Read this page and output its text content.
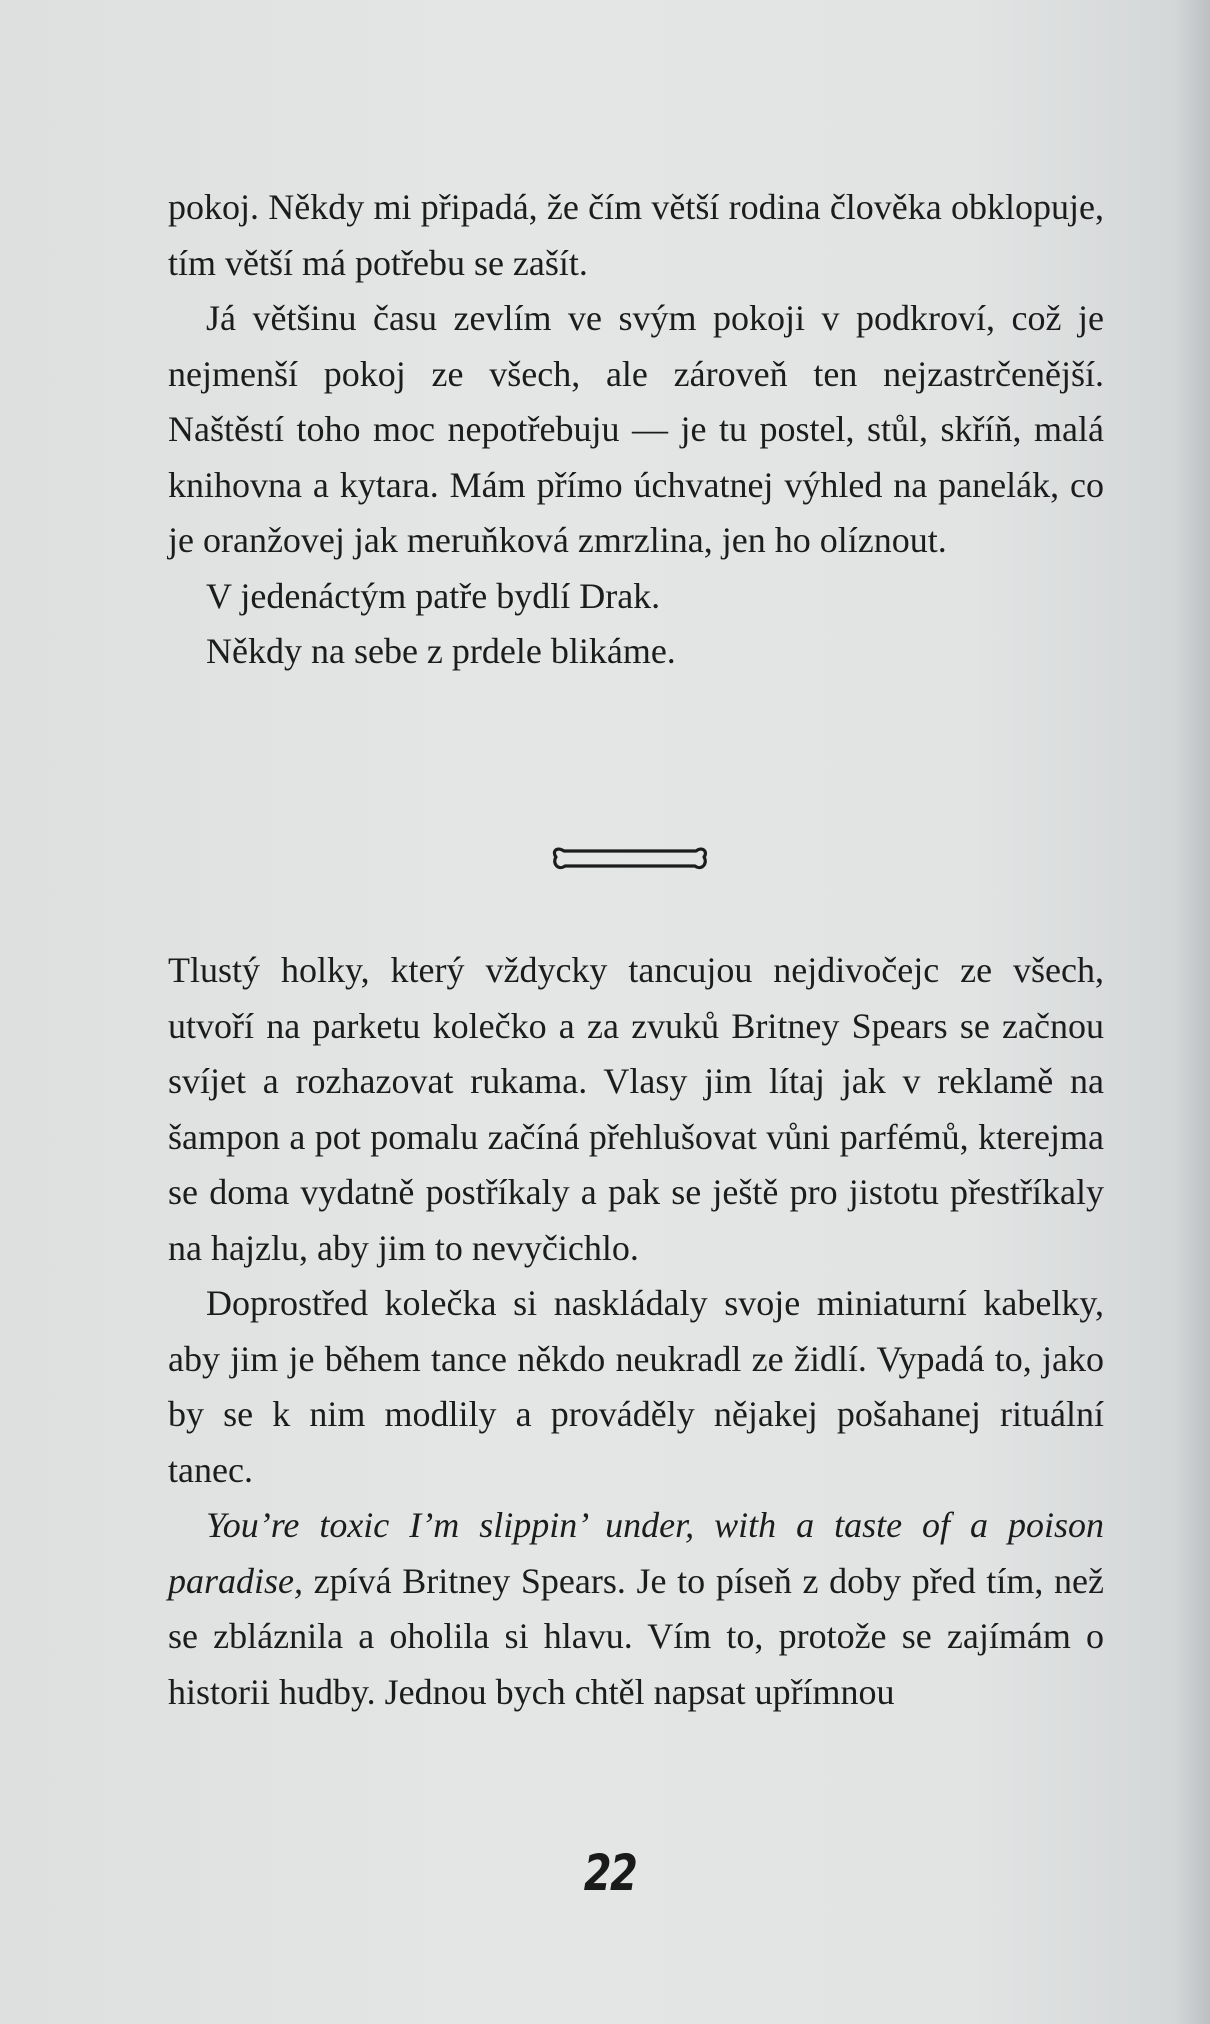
pokoj. Někdy mi připadá, že čím větší rodina člověka obklopuje, tím větší má potřebu se zašít.

Já většinu času zevlím ve svým pokoji v podkroví, což je nejmenší pokoj ze všech, ale zároveň ten nejzastrčenější. Naštěstí toho moc nepotřebuju — je tu postel, stůl, skříň, malá knihovna a kytara. Mám přímo úchvatnej výhled na panelák, co je oranžovej jak meruňková zmrzlina, jen ho olíznout.

V jedenáctým patře bydlí Drak.

Někdy na sebe z prdele blikáme.

Tlustý holky, který vždycky tancujou nejdivočejc ze všech, utvoří na parketu kolečko a za zvuků Britney Spears se začnou svíjet a rozhazovat rukama. Vlasy jim lítaj jak v reklamě na šampon a pot pomalu začíná přehlušovat vůni parfémů, kterejma se doma vydatně postříkaly a pak se ještě pro jistotu přestříkaly na hajzlu, aby jim to nevyčichlo.

Doprostřed kolečka si naskládaly svoje miniaturní kabelky, aby jim je během tance někdo neukradl ze židlí. Vypadá to, jako by se k nim modlily a prováděly nějakej pošahanej rituální tanec.

You’re toxic I’m slippin’ under, with a taste of a poison paradise, zpívá Britney Spears. Je to píseň z doby před tím, než se zbláznila a oholila si hlavu. Vím to, protože se zajímám o historii hudby. Jednou bych chtěl napsat upřímnou

22
